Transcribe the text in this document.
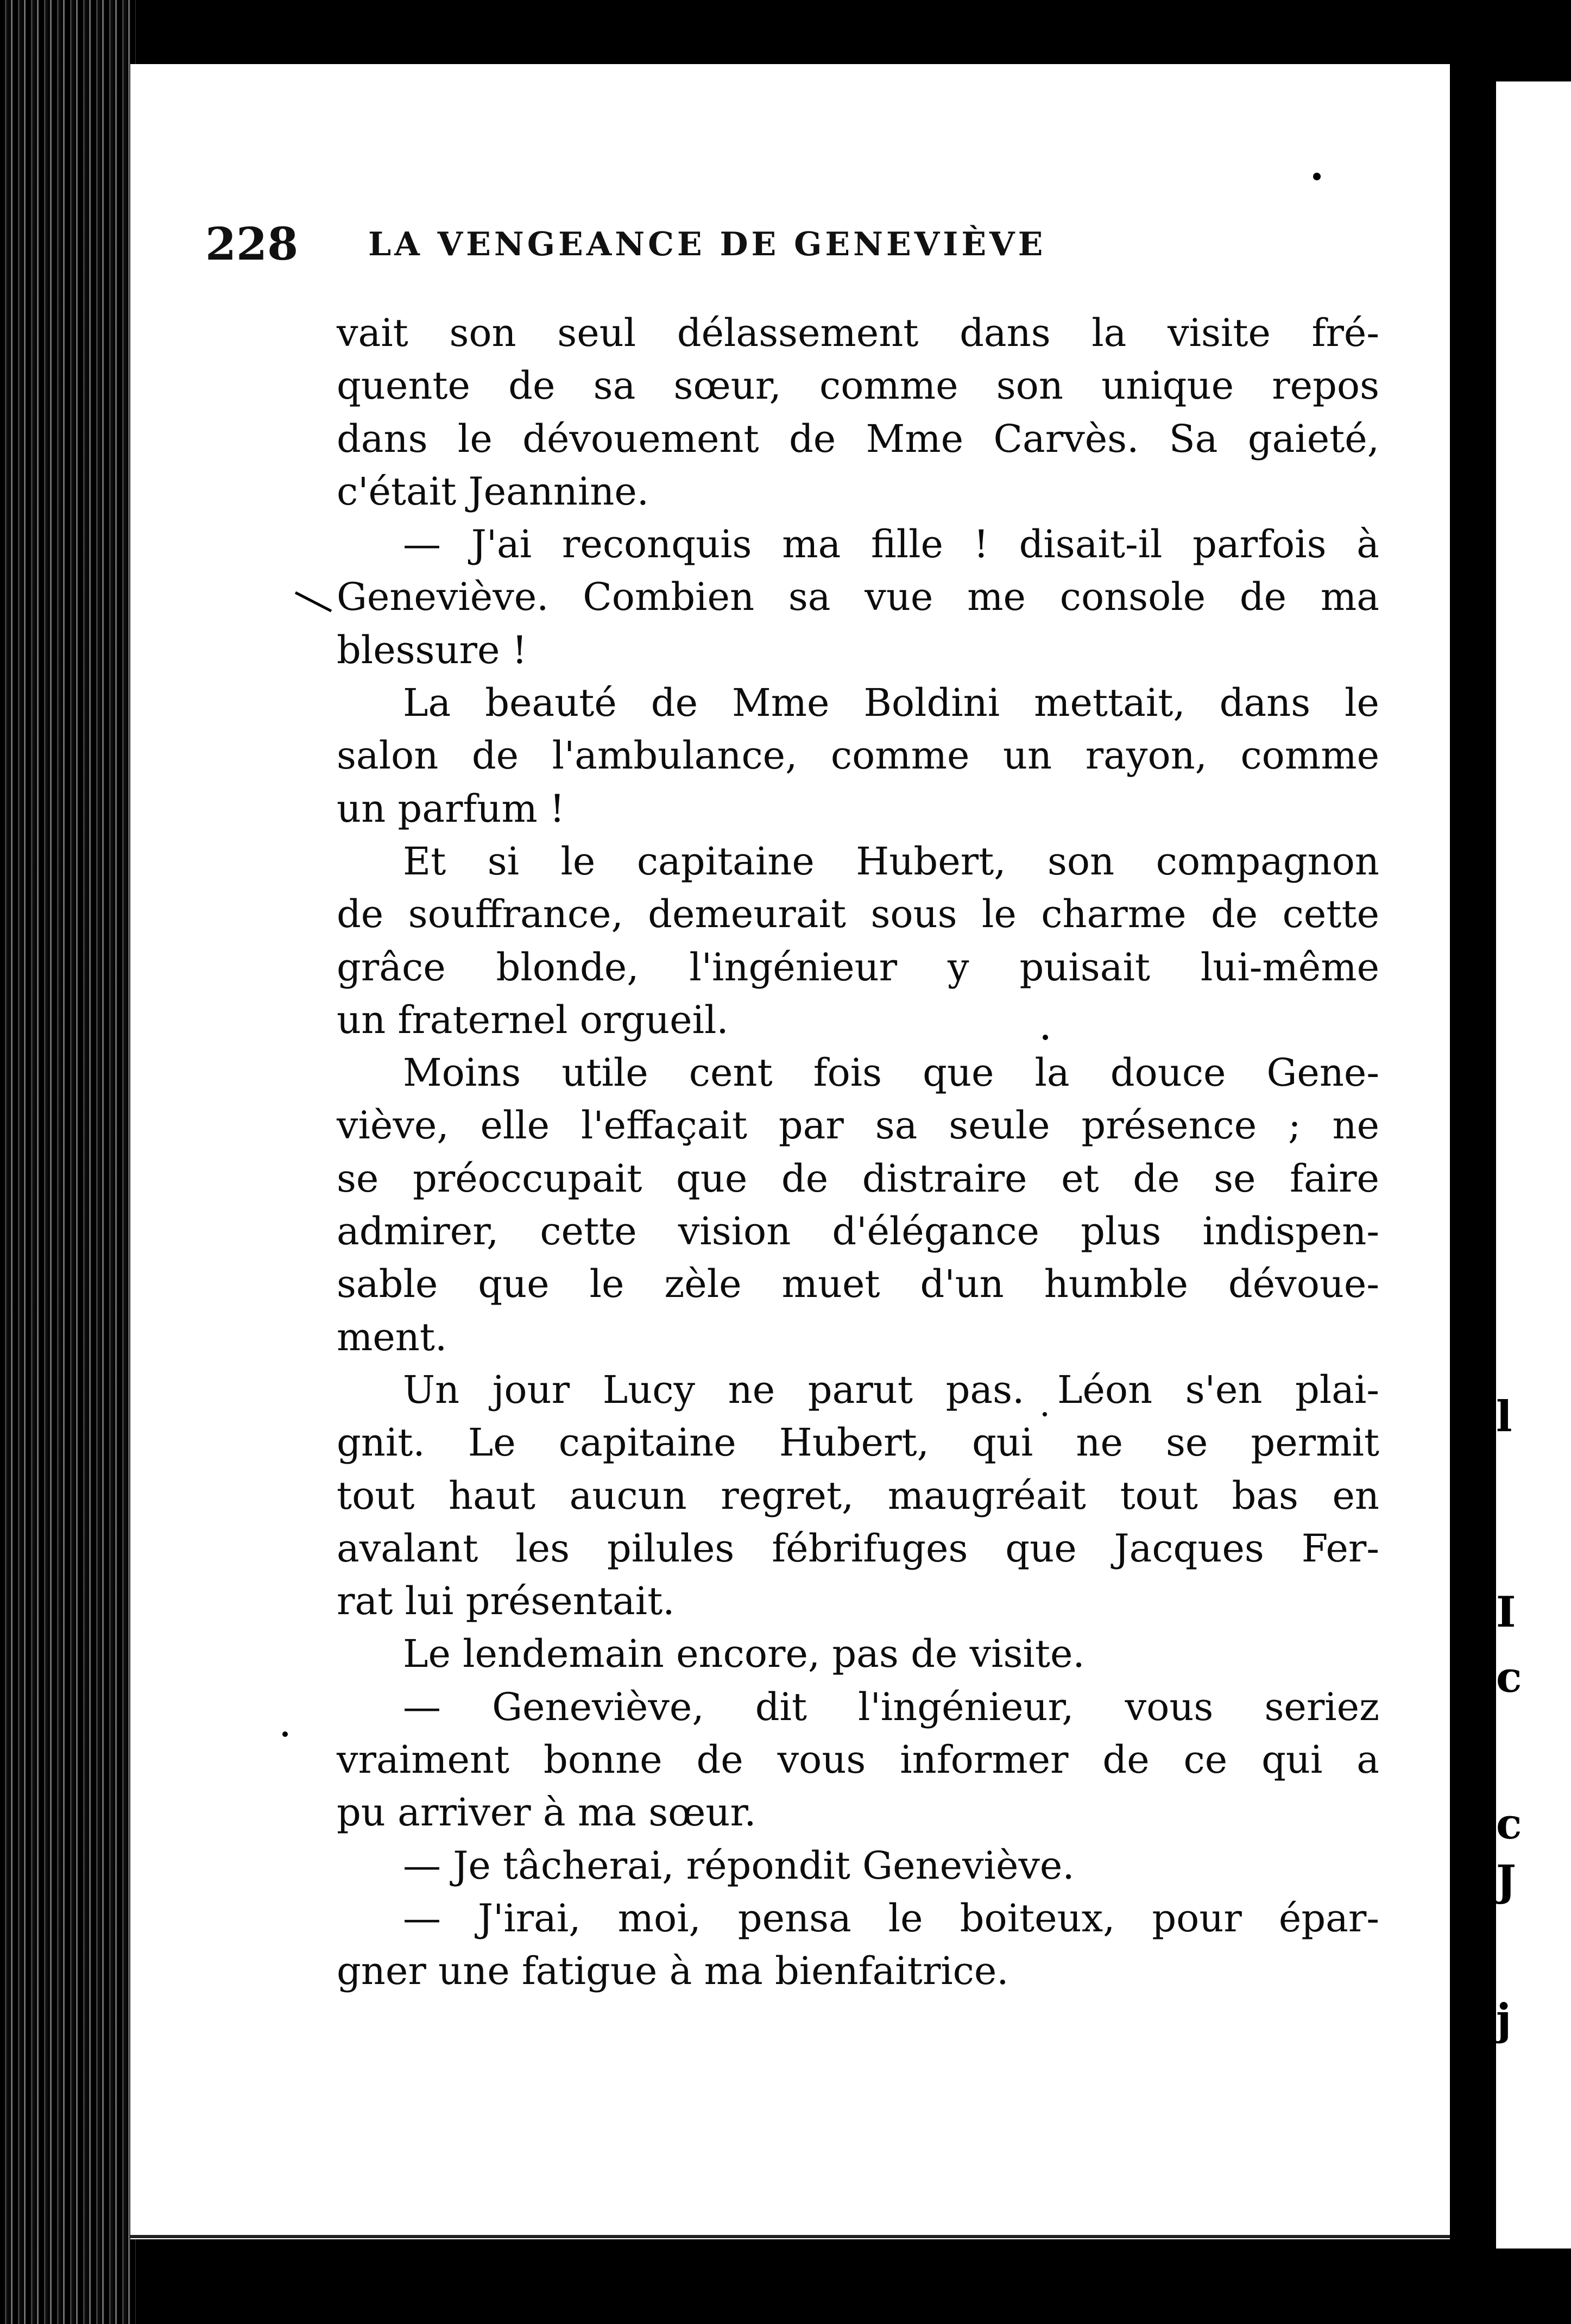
l
I
c
c
J
j
228 LA VENGEANCE DE GENEVIÈVE
vait son seul délassement dans la visite fré-
quente de sa sœur, comme son unique repos
dans le dévouement de Mme Carvès. Sa gaieté,
c'était Jeannine.
— J'ai reconquis ma fille ! disait-il parfois à
Geneviève. Combien sa vue me console de ma
blessure !
La beauté de Mme Boldini mettait, dans le
salon de l'ambulance, comme un rayon, comme
un parfum !
Et si le capitaine Hubert, son compagnon
de souffrance, demeurait sous le charme de cette
grâce blonde, l'ingénieur y puisait lui-même
un fraternel orgueil.
Moins utile cent fois que la douce Gene-
viève, elle l'effaçait par sa seule présence ; ne
se préoccupait que de distraire et de se faire
admirer, cette vision d'élégance plus indispen-
sable que le zèle muet d'un humble dévoue-
ment.
Un jour Lucy ne parut pas. Léon s'en plai-
gnit. Le capitaine Hubert, qui ne se permit
tout haut aucun regret, maugréait tout bas en
avalant les pilules fébrifuges que Jacques Fer-
rat lui présentait.
Le lendemain encore, pas de visite.
— Geneviève, dit l'ingénieur, vous seriez
vraiment bonne de vous informer de ce qui a
pu arriver à ma sœur.
— Je tâcherai, répondit Geneviève.
— J'irai, moi, pensa le boiteux, pour épar-
gner une fatigue à ma bienfaitrice.
